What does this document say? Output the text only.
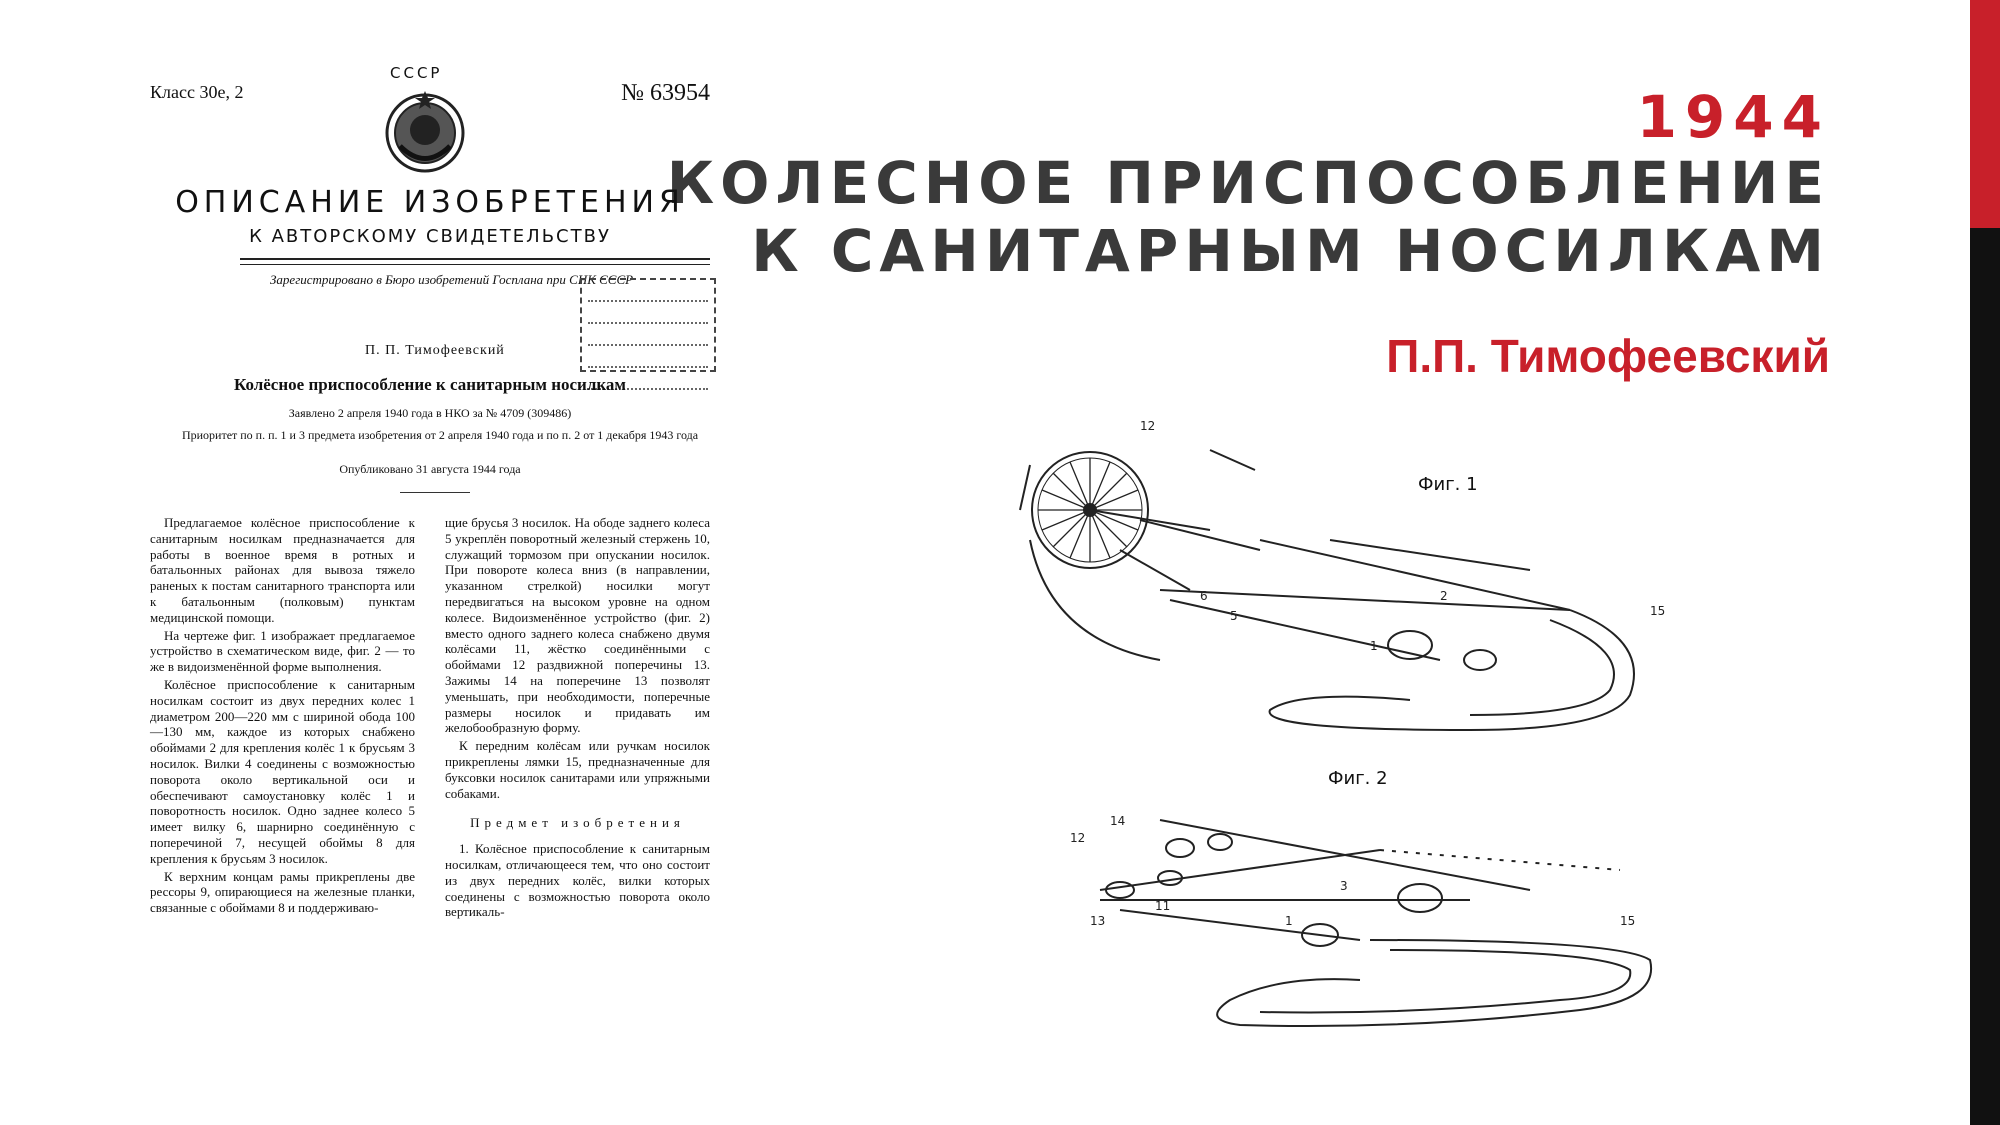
1944
КОЛЕСНОЕ ПРИСПОСОБЛЕНИЕ
К САНИТАРНЫМ НОСИЛКАМ
П.П. Тимофеевский
Класс 30е, 2
СССР
№ 63954
ОПИСАНИЕ ИЗОБРЕТЕНИЯ
К АВТОРСКОМУ СВИДЕТЕЛЬСТВУ
Зарегистрировано в Бюро изобретений Госплана при СНК СССР
П. П. Тимофеевский
Колёсное приспособление к санитарным носилкам
Заявлено 2 апреля 1940 года в НКО за № 4709 (309486)
Приоритет по п. п. 1 и 3 предмета изобретения от 2 апреля 1940 года и по п. 2 от 1 декабря 1943 года
Опубликовано 31 августа 1944 года

Предлагаемое колёсное приспособление к санитарным носилкам предназначается для работы в военное время в ротных и батальонных районах для вывоза тяжело раненых к постам санитарного транспорта или к батальонным (полковым) пунктам медицинской помощи.

На чертеже фиг. 1 изображает предлагаемое устройство в схематическом виде, фиг. 2 — то же в видоизменённой форме выполнения.

Колёсное приспособление к санитарным носилкам состоит из двух передних колес 1 диаметром 200—220 мм с шириной обода 100—130 мм, каждое из которых снабжено обоймами 2 для крепления колёс 1 к брусьям 3 носилок. Вилки 4 соединены с возможностью поворота около вертикальной оси и обеспечивают самоустановку колёс 1 и поворотность носилок. Одно заднее колесо 5 имеет вилку 6, шарнирно соединённую с поперечиной 7, несущей обоймы 8 для крепления к брусьям 3 носилок.

К верхним концам рамы прикреплены две рессоры 9, опирающиеся на железные планки, связанные с обоймами 8 и поддерживаю-

щие брусья 3 носилок. На ободе заднего колеса 5 укреплён поворотный железный стержень 10, служащий тормозом при опускании носилок. При повороте колеса вниз (в направлении, указанном стрелкой) носилки могут передвигаться на высоком уровне на одном колесе. Видоизменённое устройство (фиг. 2) вместо одного заднего колеса снабжено двумя колёсами 11, жёстко соединёнными с обоймами 12 раздвижной поперечины 13. Зажимы 14 на поперечине 13 позволят уменьшать, при необходимости, поперечные размеры носилок и придавать им желобообразную форму.

К передним колёсам или ручкам носилок прикреплены лямки 15, предназначенные для буксовки носилок санитарами или упряжными собаками.

Предмет изобретения

1. Колёсное приспособление к санитарным носилкам, отличающееся тем, что оно состоит из двух передних колёс, вилки которых соединены с возможностью поворота около вертикаль-

Фиг. 1
12
6
5
1
2
15
Фиг. 2
14
12
13
11
1
3
15
